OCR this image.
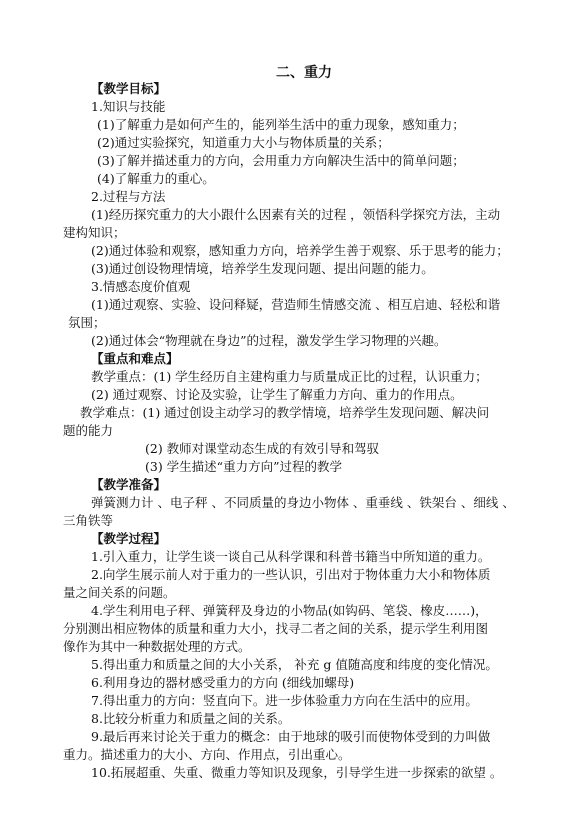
二、重力
【教学目标】
1.知识与技能
(1)了解重力是如何产生的，能列举生活中的重力现象，感知重力；
(2)通过实验探究，知道重力大小与物体质量的关系；
(3)了解并描述重力的方向，会用重力方向解决生活中的简单问题；
(4)了解重力的重心。
2.过程与方法
(1)经历探究重力的大小跟什么因素有关的过程 ，领悟科学探究方法，主动
建构知识；
(2)通过体验和观察，感知重力方向，培养学生善于观察、乐于思考的能力；
(3)通过创设物理情境，培养学生发现问题、提出问题的能力。
3.情感态度价值观
(1)通过观察、实验、设问释疑，营造师生情感交流 、相互启迪、轻松和谐
氛围；
(2)通过体会“物理就在身边”的过程，激发学生学习物理的兴趣。
【重点和难点】
教学重点：(1) 学生经历自主建构重力与质量成正比的过程，认识重力；
(2) 通过观察、讨论及实验，让学生了解重力方向、重力的作用点。
教学难点：(1) 通过创设主动学习的教学情境，培养学生发现问题、解决问
题的能力
(2) 教师对课堂动态生成的有效引导和驾驭
(3) 学生描述“重力方向”过程的教学
【教学准备】
弹簧测力计 、电子秤 、不同质量的身边小物体 、重垂线 、铁架台 、细线 、
三角铁等
【教学过程】
1.引入重力，让学生谈一谈自己从科学课和科普书籍当中所知道的重力。
2.向学生展示前人对于重力的一些认识，引出对于物体重力大小和物体质
量之间关系的问题。
4.学生利用电子秤、弹簧秤及身边的小物品(如钩码、笔袋、橡皮……)，
分别测出相应物体的质量和重力大小，找寻二者之间的关系，提示学生利用图
像作为其中一种数据处理的方式。
5.得出重力和质量之间的大小关系， 补充 g 值随高度和纬度的变化情况。
6.利用身边的器材感受重力的方向 (细线加螺母)
7.得出重力的方向：竖直向下。进一步体验重力方向在生活中的应用。
8.比较分析重力和质量之间的关系。
9.最后再来讨论关于重力的概念：由于地球的吸引而使物体受到的力叫做
重力。描述重力的大小、方向、作用点，引出重心。
10.拓展超重、失重、微重力等知识及现象，引导学生进一步探索的欲望 。
